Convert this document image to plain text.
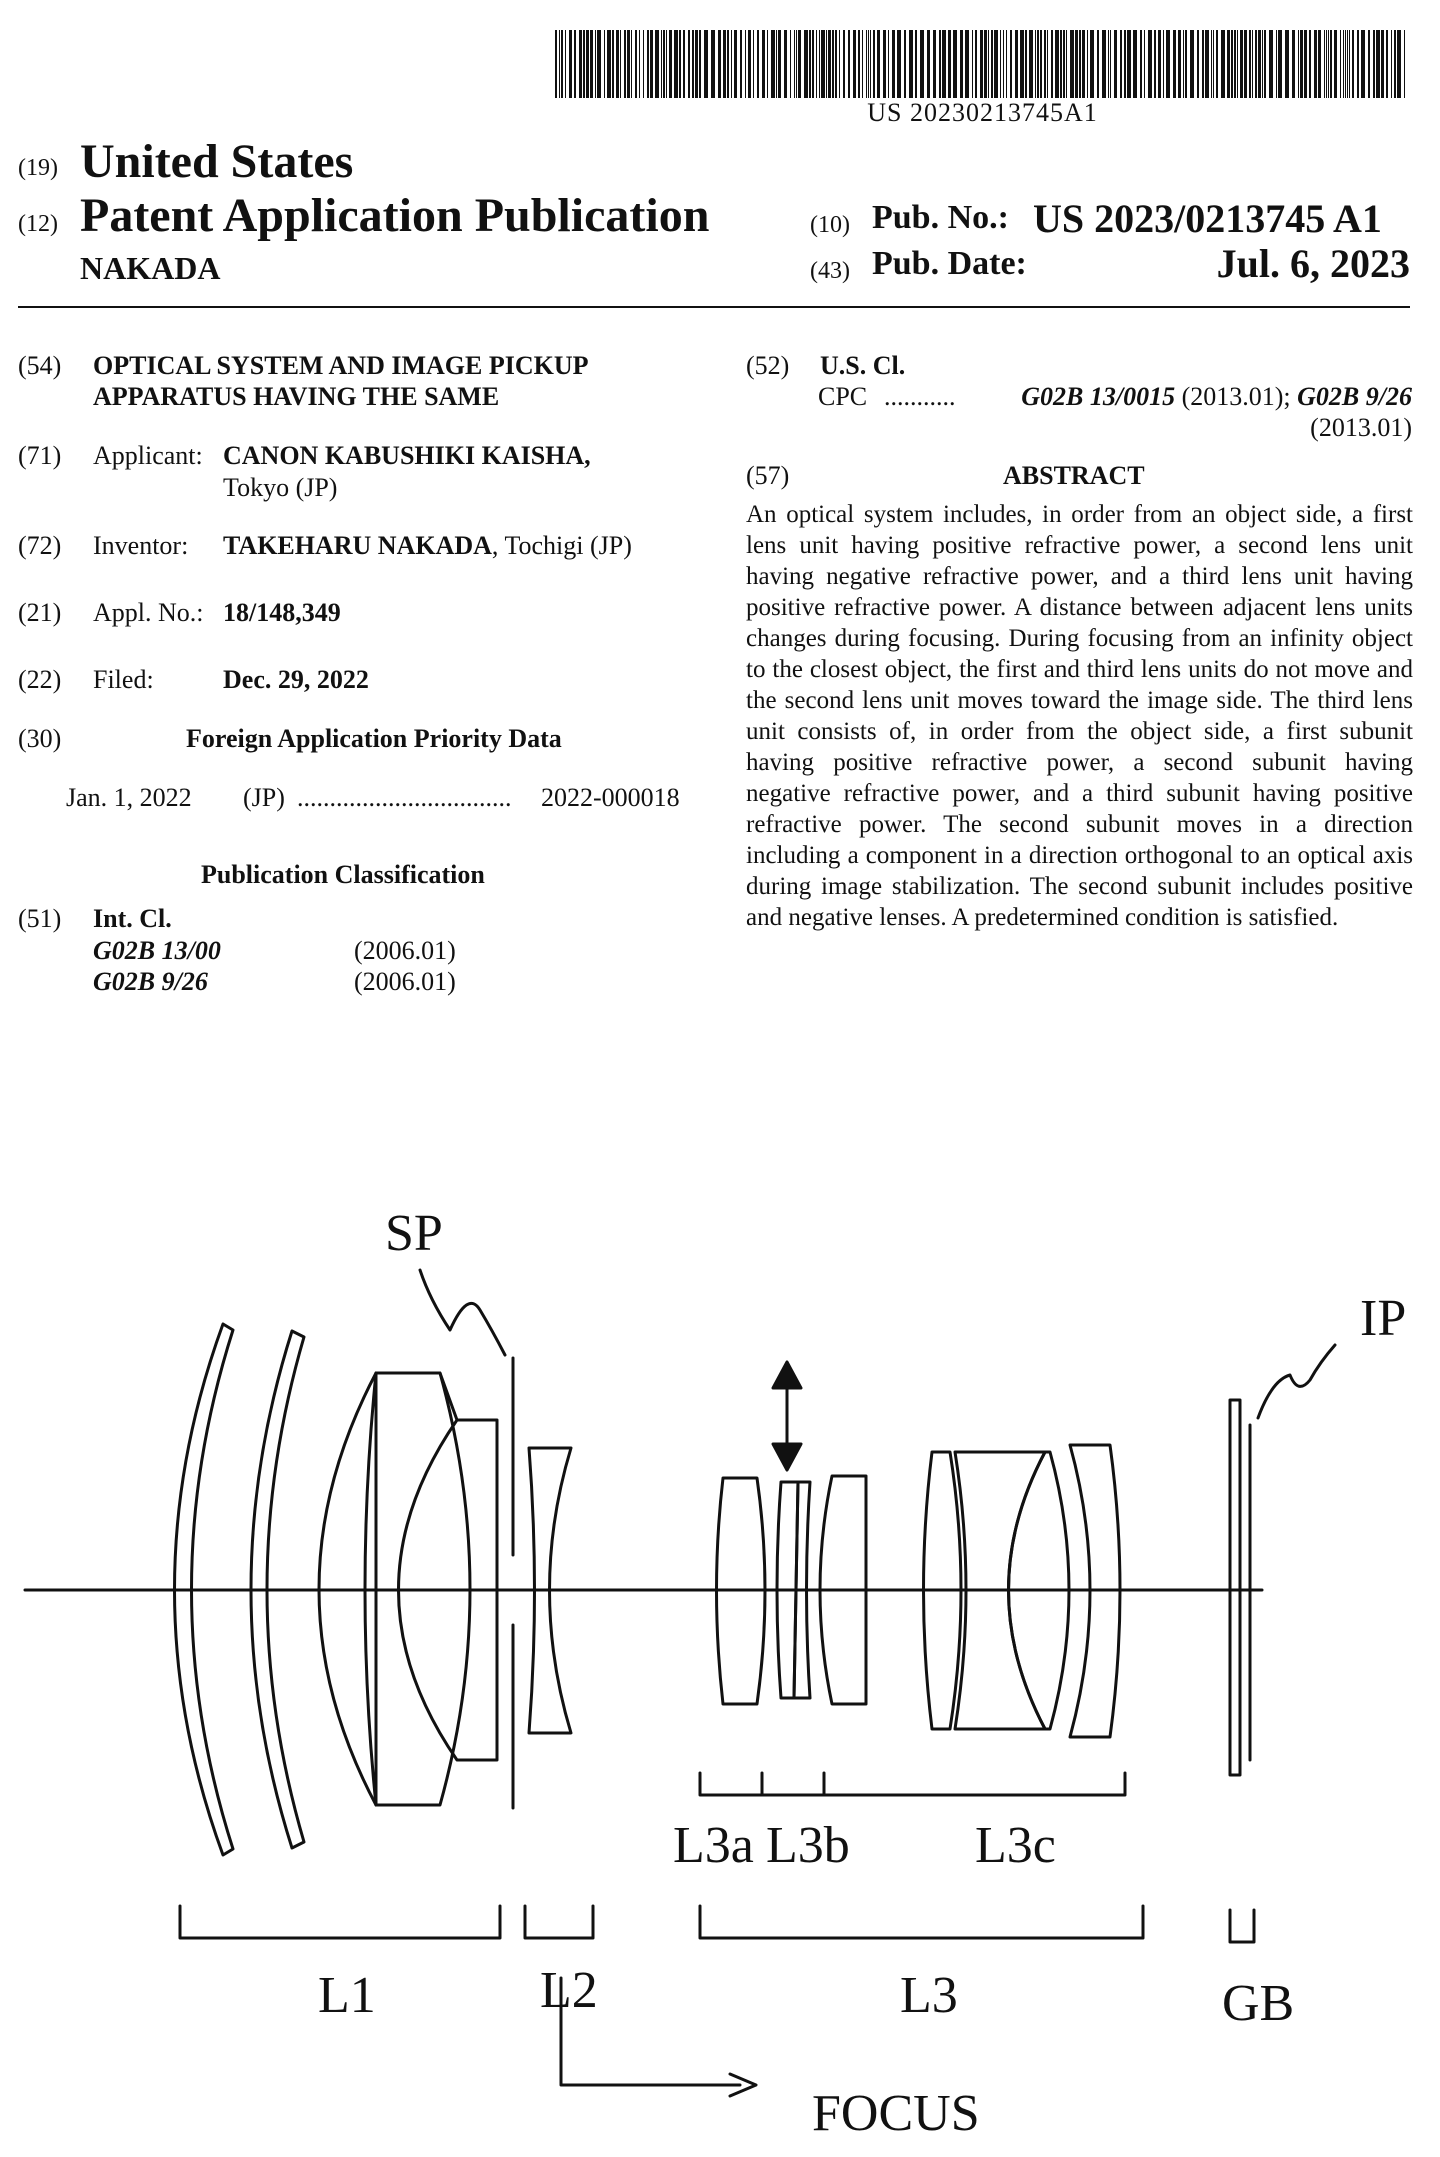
US 20230213745A1
(19) United States
(12) Patent Application Publication
NAKADA
(10) Pub. No.: US 2023/0213745 A1
(43) Pub. Date:	Jul. 6, 2023
(54) OPTICAL SYSTEM AND IMAGE PICKUP
APPARATUS HAVING THE SAME
(71) Applicant: CANON KABUSHIKI KAISHA,
Tokyo (JP)
(72) Inventor: TAKEHARU NAKADA, Tochigi (JP)
(21) Appl. No.: 18/148,349
(22) Filed:	Dec. 29, 2022
(30)	Foreign Application Priority Data
Jan. 1, 2022 (JP) ................................. 2022-000018
Publication Classification
(51) Int. Cl.
G02B 13/00	(2006.01)
G02B 9/26	(2006.01)
(52) U.S. Cl.
CPC ...........	G02B 13/0015 (2013.01); G02B 9/26
(2013.01)
(57)	ABSTRACT
An optical system includes, in order from an object side, a first lens unit having positive refractive power, a second lens unit having negative refractive power, and a third lens unit having positive refractive power. A distance between adjacent lens units changes during focusing. During focusing from an infinity object to the closest object, the first and third lens units do not move and the second lens unit moves toward the image side. The third lens unit consists of, in order from the object side, a first subunit having positive refractive power, a second subunit having negative refractive power, and a third subunit having positive refractive power. The second subunit moves in a direction including a component in a direction orthogonal to an optical axis during image stabilization. The second subunit includes positive and negative lenses. A predetermined condition is satisfied.
SP
IP
L3a L3b L3c
L1	L2	L3	GB
FOCUS
